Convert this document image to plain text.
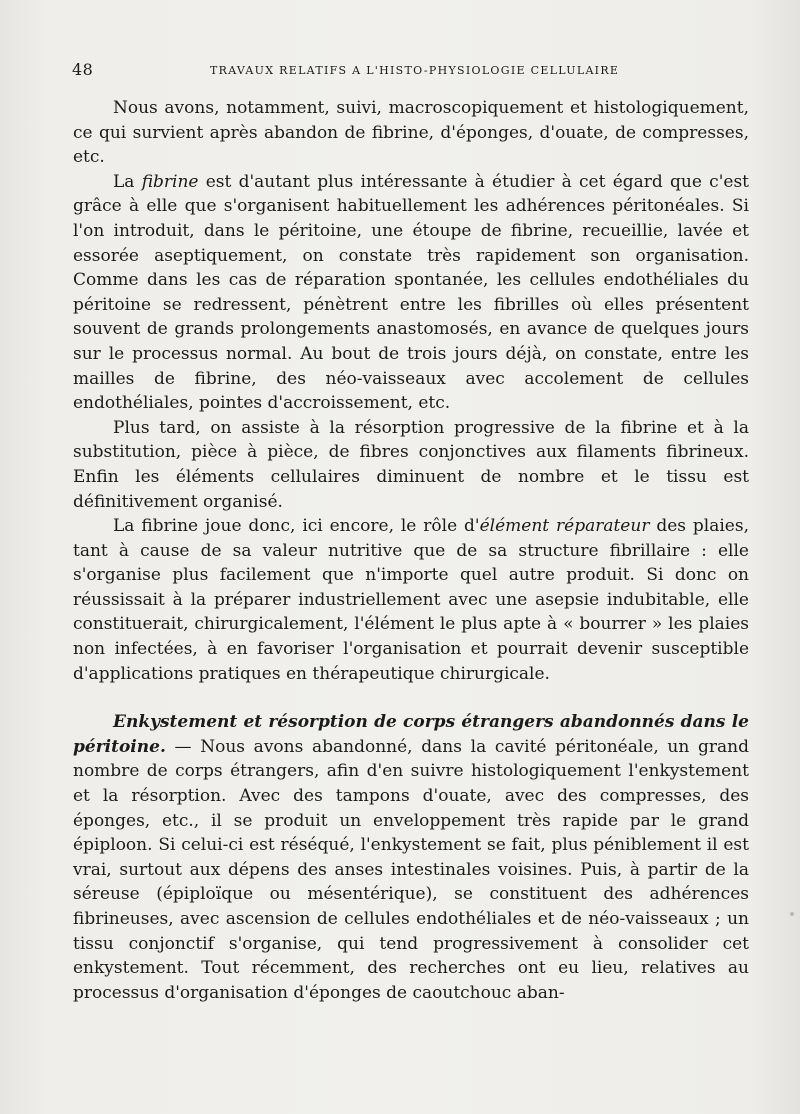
48	TRAVAUX RELATIFS A L'HISTO-PHYSIOLOGIE CELLULAIRE

Nous avons, notamment, suivi, macroscopiquement et histologiquement, ce qui survient après abandon de fibrine, d'éponges, d'ouate, de compresses, etc.

La fibrine est d'autant plus intéressante à étudier à cet égard que c'est grâce à elle que s'organisent habituellement les adhérences péritonéales. Si l'on introduit, dans le péritoine, une étoupe de fibrine, recueillie, lavée et essorée aseptiquement, on constate très rapidement son organisation. Comme dans les cas de réparation spontanée, les cellules endothéliales du péritoine se redressent, pénètrent entre les fibrilles où elles présentent souvent de grands prolongements anastomosés, en avance de quelques jours sur le processus normal. Au bout de trois jours déjà, on constate, entre les mailles de fibrine, des néo-vaisseaux avec accolement de cellules endothéliales, pointes d'accroissement, etc.

Plus tard, on assiste à la résorption progressive de la fibrine et à la substitution, pièce à pièce, de fibres conjonctives aux filaments fibrineux. Enfin les éléments cellulaires diminuent de nombre et le tissu est définitivement organisé.

La fibrine joue donc, ici encore, le rôle d'élément réparateur des plaies, tant à cause de sa valeur nutritive que de sa structure fibrillaire : elle s'organise plus facilement que n'importe quel autre produit. Si donc on réussissait à la préparer industriellement avec une asepsie indubitable, elle constituerait, chirurgicalement, l'élément le plus apte à « bourrer » les plaies non infectées, à en favoriser l'organisation et pourrait devenir susceptible d'applications pratiques en thérapeutique chirurgicale.

Enkystement et résorption de corps étrangers abandonnés dans le péritoine. — Nous avons abandonné, dans la cavité péritonéale, un grand nombre de corps étrangers, afin d'en suivre histologiquement l'enkystement et la résorption. Avec des tampons d'ouate, avec des compresses, des éponges, etc., il se produit un enveloppement très rapide par le grand épiploon. Si celui-ci est réséqué, l'enkystement se fait, plus péniblement il est vrai, surtout aux dépens des anses intestinales voisines. Puis, à partir de la séreuse (épiploïque ou mésentérique), se constituent des adhérences fibrineuses, avec ascension de cellules endothéliales et de néo-vaisseaux ; un tissu conjonctif s'organise, qui tend progressivement à consolider cet enkystement. Tout récemment, des recherches ont eu lieu, relatives au processus d'organisation d'éponges de caoutchouc aban-
